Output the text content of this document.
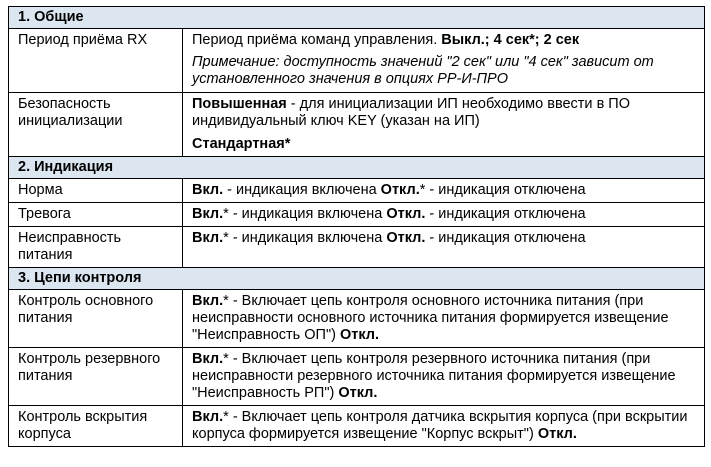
1. Общие	
Период приёма RX	Период приёма команд управления. Выкл.; 4 сек*; 2 сек
Примечание: доступность значений "2 сек" или "4 сек" зависит от установленного значения в опциях РР-И-ПРО

Безопасность инициализации	Повышенная - для инициализации ИП необходимо ввести в ПО индивидуальный ключ KEY (указан на ИП)
Стандартная*

2. Индикация	
Норма	Вкл. - индикация включена Откл.* - индикация отключена
Тревога	Вкл.* - индикация включена Откл. - индикация отключена
Неисправность питания	Вкл.* - индикация включена Откл. - индикация отключена
3. Цепи контроля	
Контроль основного питания	Вкл.* - Включает цепь контроля основного источника питания (при неисправности основного источника питания формируется извещение "Неисправность ОП") Откл.
Контроль резервного питания	Вкл.* - Включает цепь контроля резервного источника питания (при неисправности резервного источника питания формируется извещение "Неисправность РП") Откл.
Контроль вскрытия корпуса	Вкл.* - Включает цепь контроля датчика вскрытия корпуса (при вскрытии корпуса формируется извещение "Корпус вскрыт") Откл.
